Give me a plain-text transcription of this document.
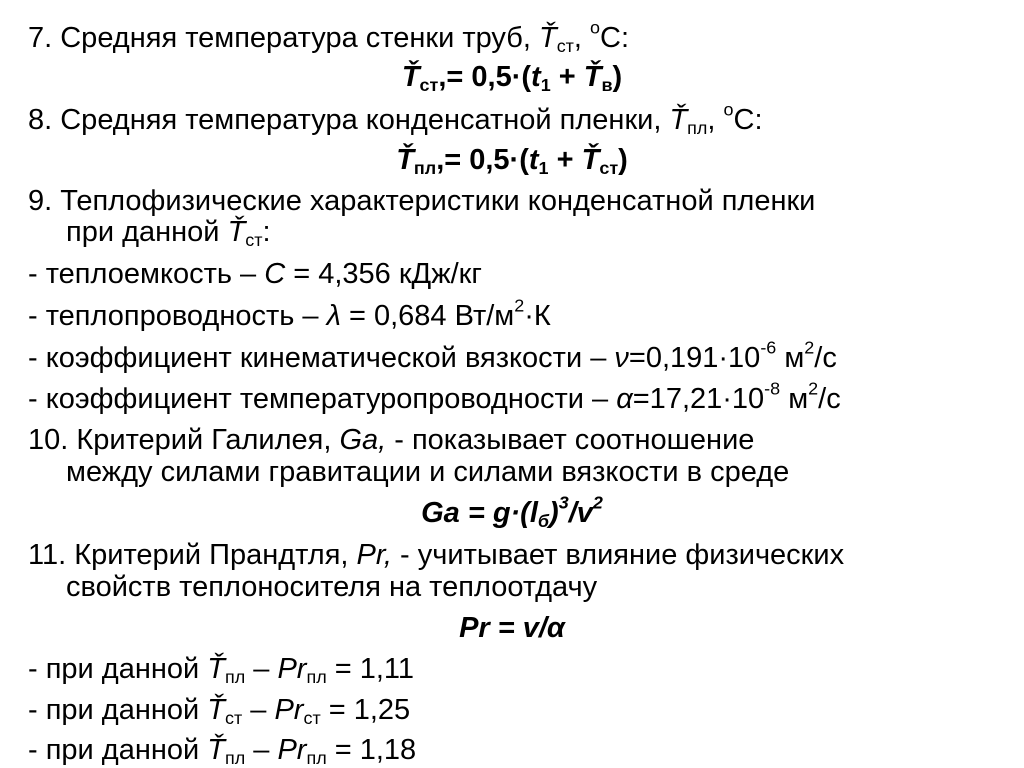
7. Средняя температура стенки труб, $Ť_{ст}$, $^о$С:
$Ť_{ст},= 0,5\cdot(t_1$ + $Ť_в$)
8. Средняя температура конденсатной пленки, $Ť_{пл}$, $^о$С:
$Ť_{пл},= 0,5\cdot(t_1$ + $Ť_{ст}$)
9. Теплофизические характеристики конденсатной пленки
при данной $Ť_{ст}$:
- теплоемкость – С = 4,356 кДж/кг
- теплопроводность – λ = 0,684 $Вт/м^2\cdot К$
- коэффициент кинематической вязкости – $\nu=0,191\cdot 10^{-6}$ $м^2/с$
- коэффициент температуропроводности – $\alpha=17,21\cdot 10^{-8}$ $м^2/с$
10. Критерий Галилея, Ga, - показывает соотношение
между силами гравитации и силами вязкости в среде
$Ga = g\cdot(l_б)^3/v^2$
11. Критерий Прандтля, Pr, - учитывает влияние физических
свойств теплоносителя на теплоотдачу
Pr = v/α
- при данной $Ť_{пл} - Pr_{пл} = 1,11$
- при данной $Ť_{ст} - Pr_{ст} = 1,25$
- при данной $Ť_{пл} - Pr_{пл} = 1,18$
